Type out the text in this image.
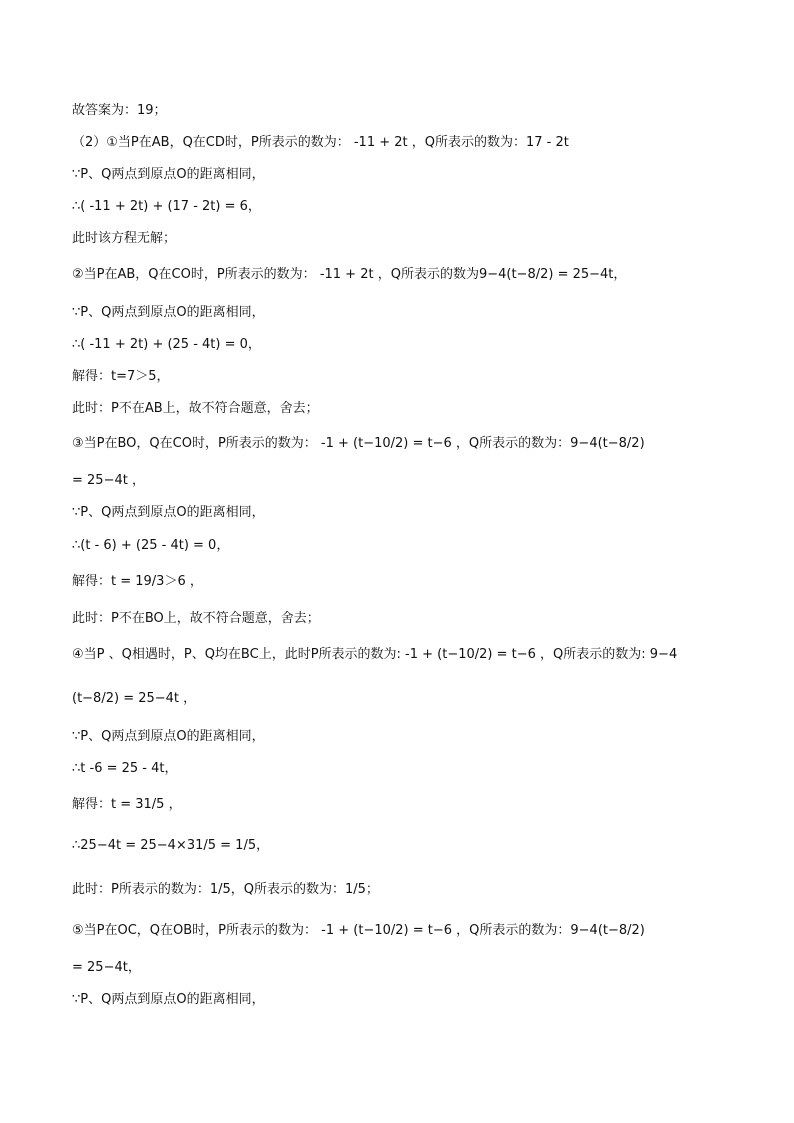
故答案为：19；
（2）①当P在AB，Q在CD时，P所表示的数为： -11 + 2t ，Q所表示的数为：17 - 2t
∵P、Q两点到原点O的距离相同，
∴( -11 + 2t) + (17 - 2t) = 6，
此时该方程无解；
②当P在AB，Q在CO时，P所表示的数为： -11 + 2t ，Q所表示的数为9−4(t−8/2) = 25−4t，
∵P、Q两点到原点O的距离相同，
∴( -11 + 2t) + (25 - 4t) = 0，
解得：t=7＞5，
此时：P不在AB上，故不符合题意，舍去；
③当P在BO，Q在CO时，P所表示的数为： -1 + (t−10/2) = t−6 ，Q所表示的数为：9−4(t−8/2)
= 25−4t ，
∵P、Q两点到原点O的距离相同，
∴(t - 6) + (25 - 4t) = 0，
解得：t = 19/3＞6 ，
此时：P不在BO上，故不符合题意，舍去；
④当P 、Q相遇时，P、Q均在BC上，此时P所表示的数为: -1 + (t−10/2) = t−6 ，Q所表示的数为: 9−4
(t−8/2) = 25−4t ，
∵P、Q两点到原点O的距离相同，
∴t -6 = 25 - 4t，
解得：t = 31/5 ，
∴25−4t = 25−4×31/5 = 1/5，
此时：P所表示的数为：1/5，Q所表示的数为：1/5；
⑤当P在OC，Q在OB时，P所表示的数为： -1 + (t−10/2) = t−6 ，Q所表示的数为：9−4(t−8/2)
= 25−4t，
∵P、Q两点到原点O的距离相同，
